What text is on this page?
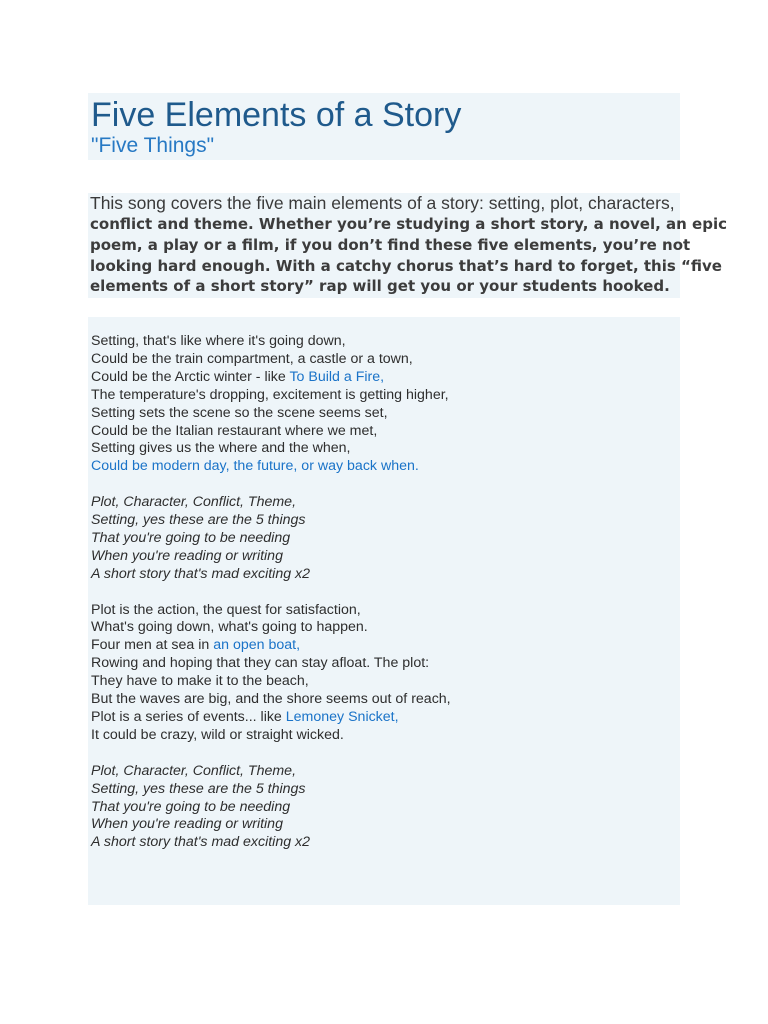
Five Elements of a Story
"Five Things"
This song covers the five main elements of a story: setting, plot, characters,
conflict and theme. Whether you’re studying a short story, a novel, an epic
poem, a play or a film, if you don’t find these five elements, you’re not
looking hard enough. With a catchy chorus that’s hard to forget, this “five
elements of a short story” rap will get you or your students hooked.
Setting, that's like where it's going down,
Could be the train compartment, a castle or a town,
Could be the Arctic winter - like To Build a Fire,
The temperature's dropping, excitement is getting higher,
Setting sets the scene so the scene seems set,
Could be the Italian restaurant where we met,
Setting gives us the where and the when,
Could be modern day, the future, or way back when.
Plot, Character, Conflict, Theme,
Setting, yes these are the 5 things
That you're going to be needing
When you're reading or writing
A short story that's mad exciting x2
Plot is the action, the quest for satisfaction,
What's going down, what's going to happen.
Four men at sea in an open boat,
Rowing and hoping that they can stay afloat. The plot:
They have to make it to the beach,
But the waves are big, and the shore seems out of reach,
Plot is a series of events... like Lemoney Snicket,
It could be crazy, wild or straight wicked.
Plot, Character, Conflict, Theme,
Setting, yes these are the 5 things
That you're going to be needing
When you're reading or writing
A short story that's mad exciting x2
